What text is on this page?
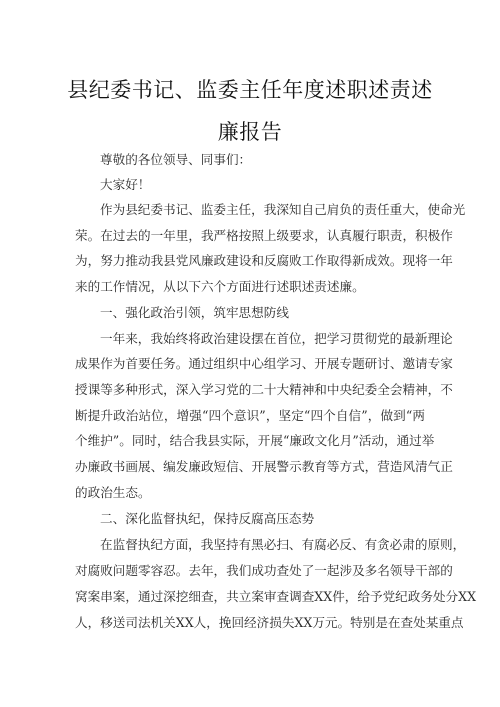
县纪委书记、监委主任年度述职述责述
廉报告
尊敬的各位领导、同事们：
大家好！
作为县纪委书记、监委主任，我深知自己肩负的责任重大，使命光
荣。在过去的一年里，我严格按照上级要求，认真履行职责，积极作
为，努力推动我县党风廉政建设和反腐败工作取得新成效。现将一年
来的工作情况，从以下六个方面进行述职述责述廉。
一、强化政治引领，筑牢思想防线
一年来，我始终将政治建设摆在首位，把学习贯彻党的最新理论
成果作为首要任务。通过组织中心组学习、开展专题研讨、邀请专家
授课等多种形式，深入学习党的二十大精神和中央纪委全会精神，不
断提升政治站位，增强“四个意识”，坚定“四个自信”，做到“两
个维护”。同时，结合我县实际，开展“廉政文化月”活动，通过举
办廉政书画展、编发廉政短信、开展警示教育等方式，营造风清气正
的政治生态。
二、深化监督执纪，保持反腐高压态势
在监督执纪方面，我坚持有黑必扫、有腐必反、有贪必肃的原则，
对腐败问题零容忍。去年，我们成功查处了一起涉及多名领导干部的
窝案串案，通过深挖细查，共立案审查调查XX件，给予党纪政务处分XX
人，移送司法机关XX人，挽回经济损失XX万元。特别是在查处某重点
